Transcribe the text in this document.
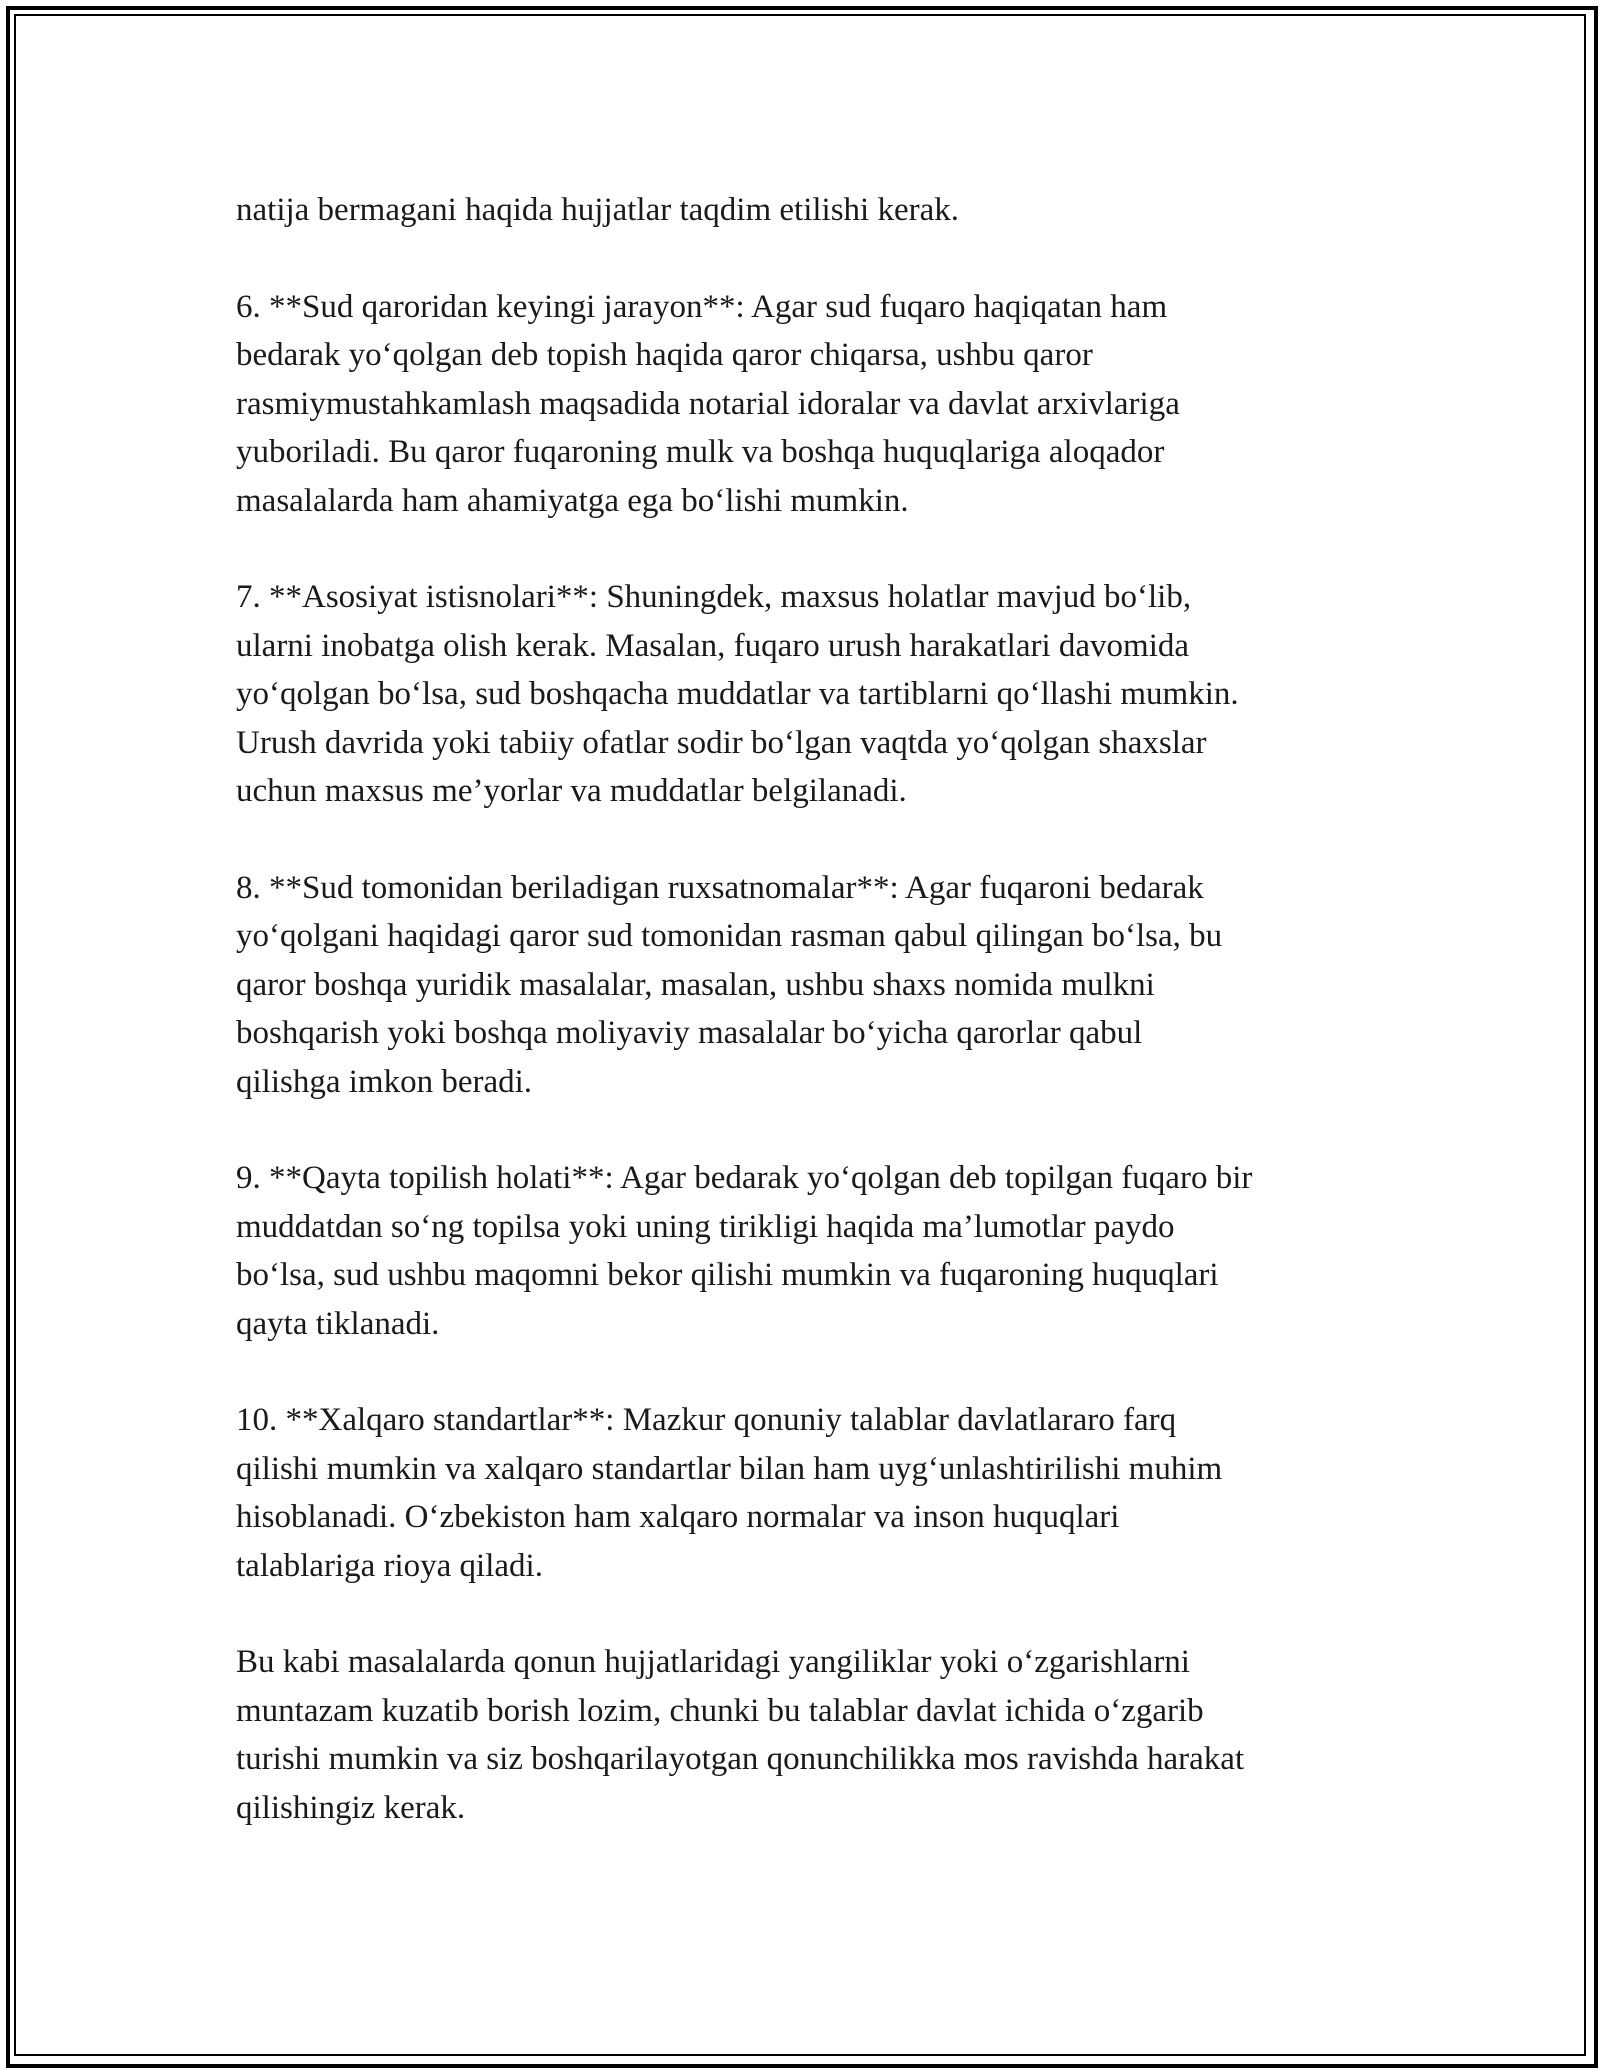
natija bermagani haqida hujjatlar taqdim etilishi kerak.

6. **Sud qaroridan keyingi jarayon**: Agar sud fuqaro haqiqatan ham
bedarak yo‘qolgan deb topish haqida qaror chiqarsa, ushbu qaror
rasmiymustahkamlash maqsadida notarial idoralar va davlat arxivlariga
yuboriladi. Bu qaror fuqaroning mulk va boshqa huquqlariga aloqador
masalalarda ham ahamiyatga ega bo‘lishi mumkin.

7. **Asosiyat istisnolari**: Shuningdek, maxsus holatlar mavjud bo‘lib,
ularni inobatga olish kerak. Masalan, fuqaro urush harakatlari davomida
yo‘qolgan bo‘lsa, sud boshqacha muddatlar va tartiblarni qo‘llashi mumkin.
Urush davrida yoki tabiiy ofatlar sodir bo‘lgan vaqtda yo‘qolgan shaxslar
uchun maxsus me’yorlar va muddatlar belgilanadi.

8. **Sud tomonidan beriladigan ruxsatnomalar**: Agar fuqaroni bedarak
yo‘qolgani haqidagi qaror sud tomonidan rasman qabul qilingan bo‘lsa, bu
qaror boshqa yuridik masalalar, masalan, ushbu shaxs nomida mulkni
boshqarish yoki boshqa moliyaviy masalalar bo‘yicha qarorlar qabul
qilishga imkon beradi.

9. **Qayta topilish holati**: Agar bedarak yo‘qolgan deb topilgan fuqaro bir
muddatdan so‘ng topilsa yoki uning tirikligi haqida ma’lumotlar paydo
bo‘lsa, sud ushbu maqomni bekor qilishi mumkin va fuqaroning huquqlari
qayta tiklanadi.

10. **Xalqaro standartlar**: Mazkur qonuniy talablar davlatlararo farq
qilishi mumkin va xalqaro standartlar bilan ham uyg‘unlashtirilishi muhim
hisoblanadi. O‘zbekiston ham xalqaro normalar va inson huquqlari
talablariga rioya qiladi.

Bu kabi masalalarda qonun hujjatlaridagi yangiliklar yoki o‘zgarishlarni
muntazam kuzatib borish lozim, chunki bu talablar davlat ichida o‘zgarib
turishi mumkin va siz boshqarilayotgan qonunchilikka mos ravishda harakat
qilishingiz kerak.
